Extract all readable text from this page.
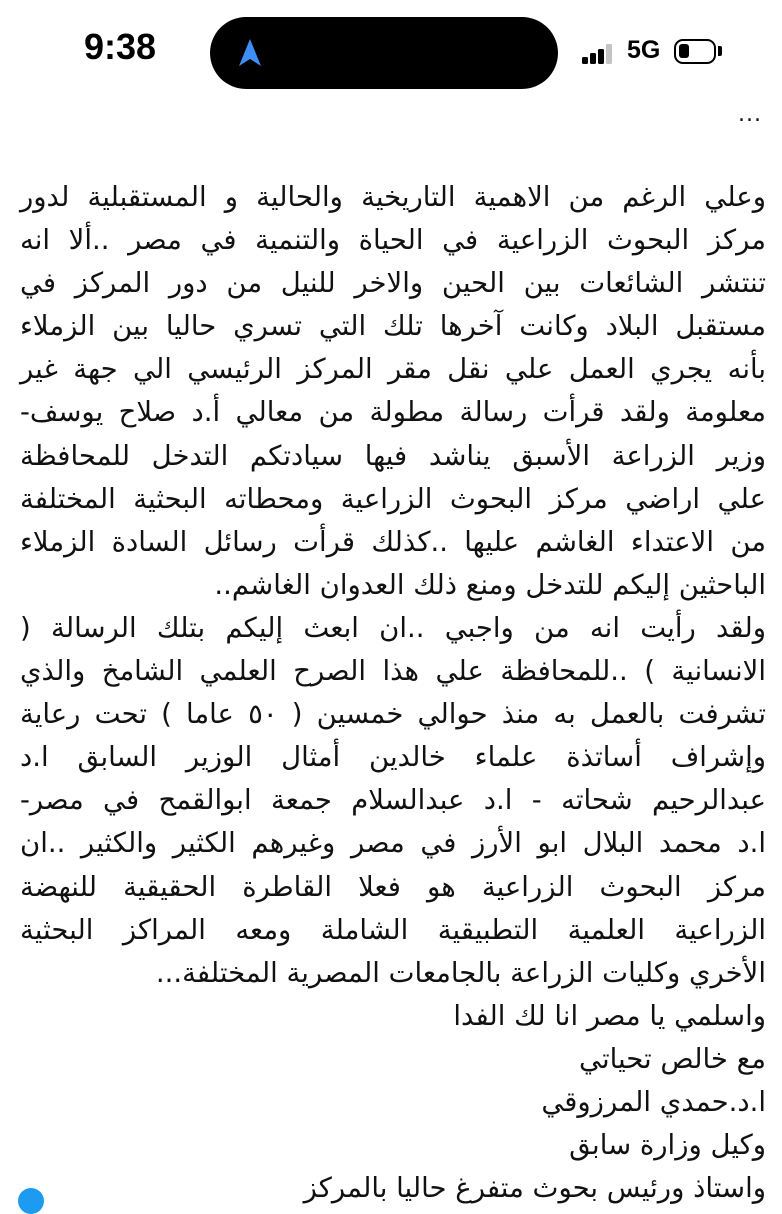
9:38	5G
...
وعلي الرغم من الاهمية التاريخية والحالية و المستقبلية لدور
مركز البحوث الزراعية في الحياة والتنمية في مصر ..ألا انه
تنتشر الشائعات بين الحين والاخر للنيل من دور المركز في
مستقبل البلاد وكانت آخرها تلك التي تسري حاليا بين الزملاء
بأنه يجري العمل علي نقل مقر المركز الرئيسي الي جهة غير
معلومة ولقد قرأت رسالة مطولة من معالي أ.د صلاح يوسف-
وزير الزراعة الأسبق يناشد فيها سيادتكم التدخل للمحافظة
علي اراضي مركز البحوث الزراعية ومحطاته البحثية المختلفة
من الاعتداء الغاشم عليها ..كذلك قرأت رسائل السادة الزملاء
الباحثين إليكم للتدخل ومنع ذلك العدوان الغاشم..
ولقد رأيت انه من واجبي ..ان ابعث إليكم بتلك الرسالة (
الانسانية ) ..للمحافظة علي هذا الصرح العلمي الشامخ والذي
تشرفت بالعمل به منذ حوالي خمسين ( ٥٠ عاما ) تحت رعاية
وإشراف أساتذة علماء خالدين أمثال الوزير السابق ا.د
عبدالرحيم شحاته - ا.د عبدالسلام جمعة ابوالقمح في مصر-
ا.د محمد البلال ابو الأرز في مصر وغيرهم الكثير والكثير ..ان
مركز البحوث الزراعية هو فعلا القاطرة الحقيقية للنهضة
الزراعية العلمية التطبيقية الشاملة ومعه المراكز البحثية
الأخري وكليات الزراعة بالجامعات المصرية المختلفة...
واسلمي يا مصر انا لك الفدا
مع خالص تحياتي
ا.د.حمدي المرزوقي
وكيل وزارة سابق
واستاذ ورئيس بحوث متفرغ حاليا بالمركز
